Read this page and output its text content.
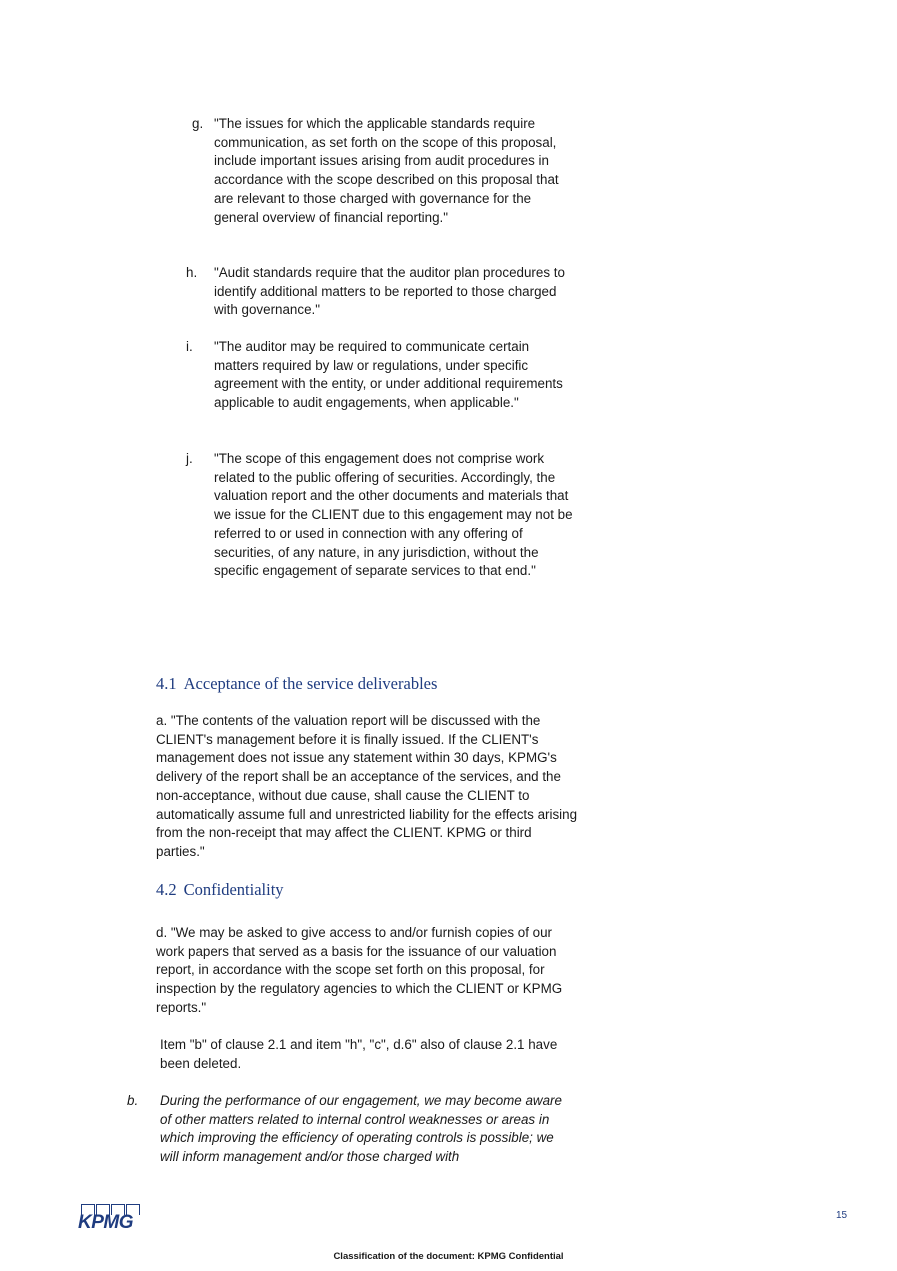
g. "The issues for which the applicable standards require communication, as set forth on the scope of this proposal, include important issues arising from audit procedures in accordance with the scope described on this proposal that are relevant to those charged with governance for the general overview of financial reporting."
h.	"Audit standards require that the auditor plan procedures to identify additional matters to be reported to those charged with governance."
i.	"The auditor may be required to communicate certain matters required by law or regulations, under specific agreement with the entity, or under additional requirements applicable to audit engagements, when applicable."
j.	"The scope of this engagement does not comprise work related to the public offering of securities. Accordingly, the valuation report and the other documents and materials that we issue for the CLIENT due to this engagement may not be referred to or used in connection with any offering of securities, of any nature, in any jurisdiction, without the specific engagement of separate services to that end."
4.1 Acceptance of the service deliverables
a. "The contents of the valuation report will be discussed with the CLIENT's management before it is finally issued. If the CLIENT's management does not issue any statement within 30 days, KPMG's delivery of the report shall be an acceptance of the services, and the non-acceptance, without due cause, shall cause the CLIENT to automatically assume full and unrestricted liability for the effects arising from the non-receipt that may affect the CLIENT. KPMG or third parties."
4.2 Confidentiality
d. "We may be asked to give access to and/or furnish copies of our work papers that served as a basis for the issuance of our valuation report, in accordance with the scope set forth on this proposal, for inspection by the regulatory agencies to which the CLIENT or KPMG reports."
Item "b" of clause 2.1 and item "h", "c", d.6" also of clause 2.1 have been deleted.
b. During the performance of our engagement, we may become aware of other matters related to internal control weaknesses or areas in which improving the efficiency of operating controls is possible; we will inform management and/or those charged with
KPMG	15
Classification of the document: KPMG Confidential
